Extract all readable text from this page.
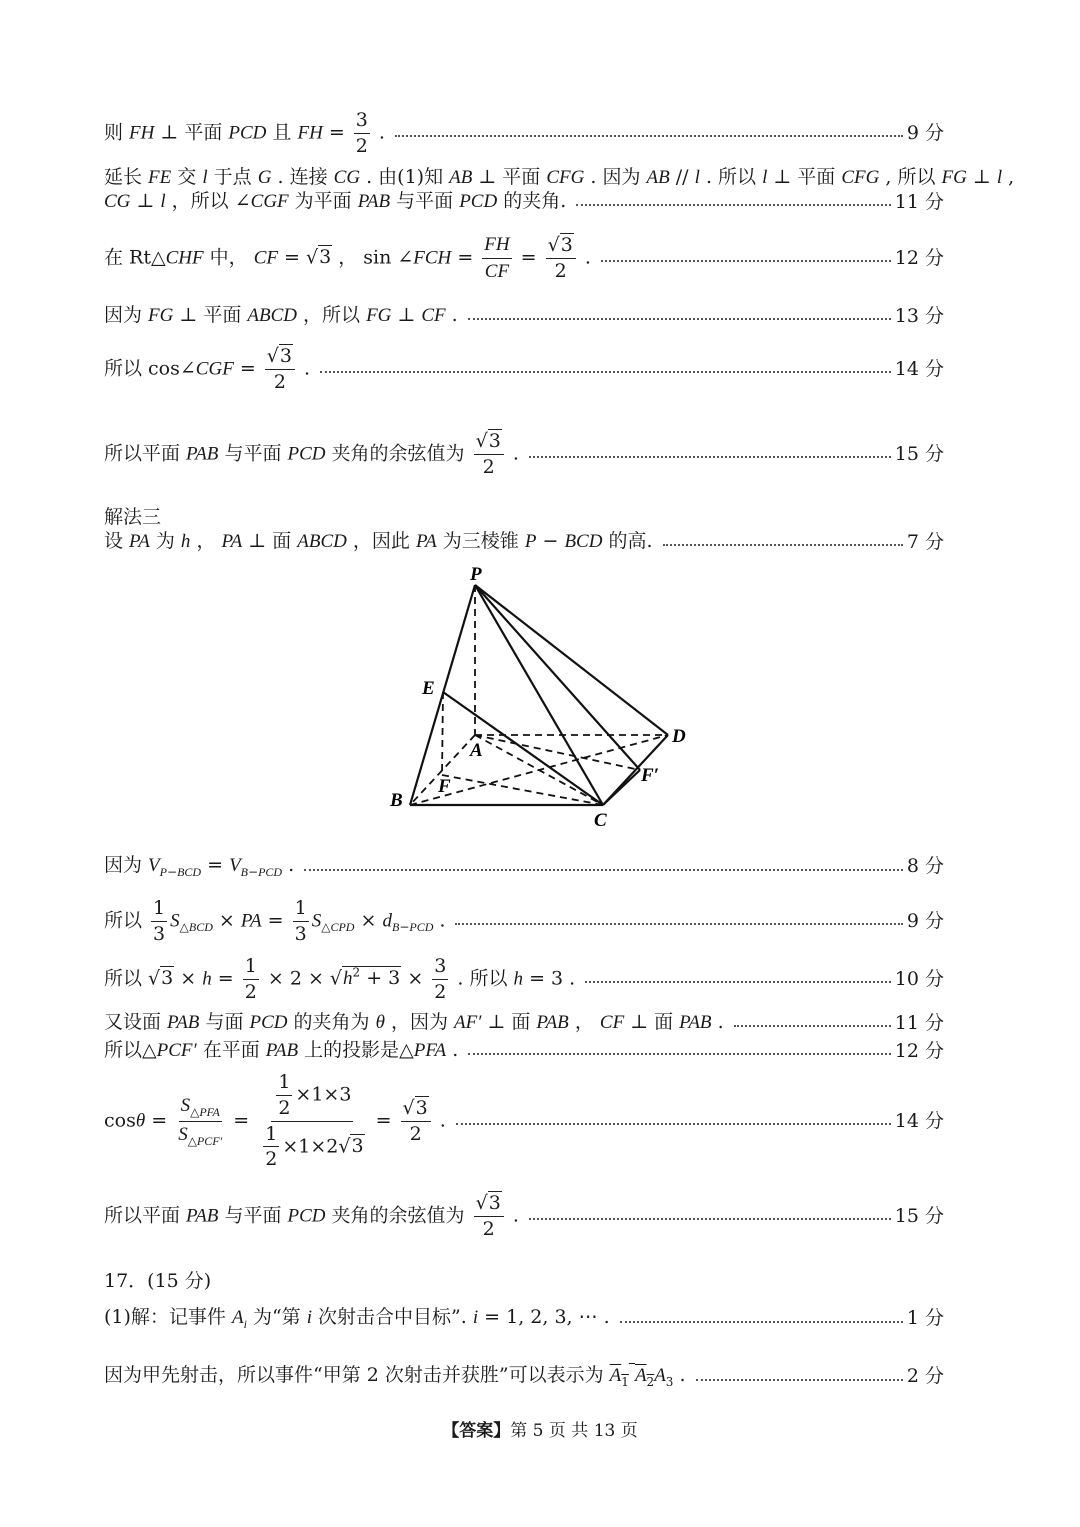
则 FH ⊥ 平面 PCD 且 FH = $\frac{3}{2}$ .	9 分
延长 FE 交 l 于点 G . 连接 CG . 由(1)知 AB ⊥ 平面 CFG . 因为 AB // l . 所以 l ⊥ 平面 CFG , 所以 FG ⊥ l ,
CG ⊥ l ，所以 ∠CGF 为平面 PAB 与平面 PCD 的夹角.	11 分
在 Rt△CHF 中， CF = √3 ， sin ∠FCH = $\frac{FH}{CF} = \frac{√3}{2}$ .	12 分
因为 FG ⊥ 平面 ABCD ，所以 FG ⊥ CF .	13 分
所以 cos∠CGF = $\frac{√3}{2}$ .	14 分
所以平面 PAB 与平面 PCD 夹角的余弦值为 $\frac{√3}{2}$ .	15 分
解法三
设 PA 为 h ， PA ⊥ 面 ABCD ，因此 PA 为三棱锥 P − BCD 的高.	7 分
P
E
A
D
F
F′
B
C
因为 $V_{P-BCD} = V_{B-PCD}$ .	8 分
所以 $\frac{1}{3} S_{\triangle BCD}$ × PA = $\frac{1}{3} S_{\triangle CPD} \times d_{B-PCD}$ .	9 分
所以 $√3 \times h = \frac{1}{2} \times 2 \times √h^2 + 3 \times \frac{3}{2}$ . 所以 h = 3 .	10 分
又设面 PAB 与面 PCD 的夹角为 θ ，因为 AF′ ⊥ 面 PAB ， CF ⊥ 面 PAB .	11 分
所以△PCF′ 在平面 PAB 上的投影是△PFA .	12 分
$\cos\theta = \frac{S_{\triangle PFA}}{S_{\triangle PCF'}} = \frac{\frac{1}{2} \times 1\times 3}{\frac{1}{2} \times 1\times 2√3} = \frac{√3}{2}$ .	14 分
所以平面 PAB 与平面 PCD 夹角的余弦值为 $\frac{√3}{2}$ .	15 分
17．(15 分)
(1)解：记事件 $A_i$ 为“第 i 次射击合中目标”. i = 1, 2, 3, ⋯ .	1 分
因为甲先射击，所以事件“甲第 2 次射击并获胜”可以表示为 $A_1$ $A_2A_3$ .	2 分
【答案】第 5 页 共 13 页
